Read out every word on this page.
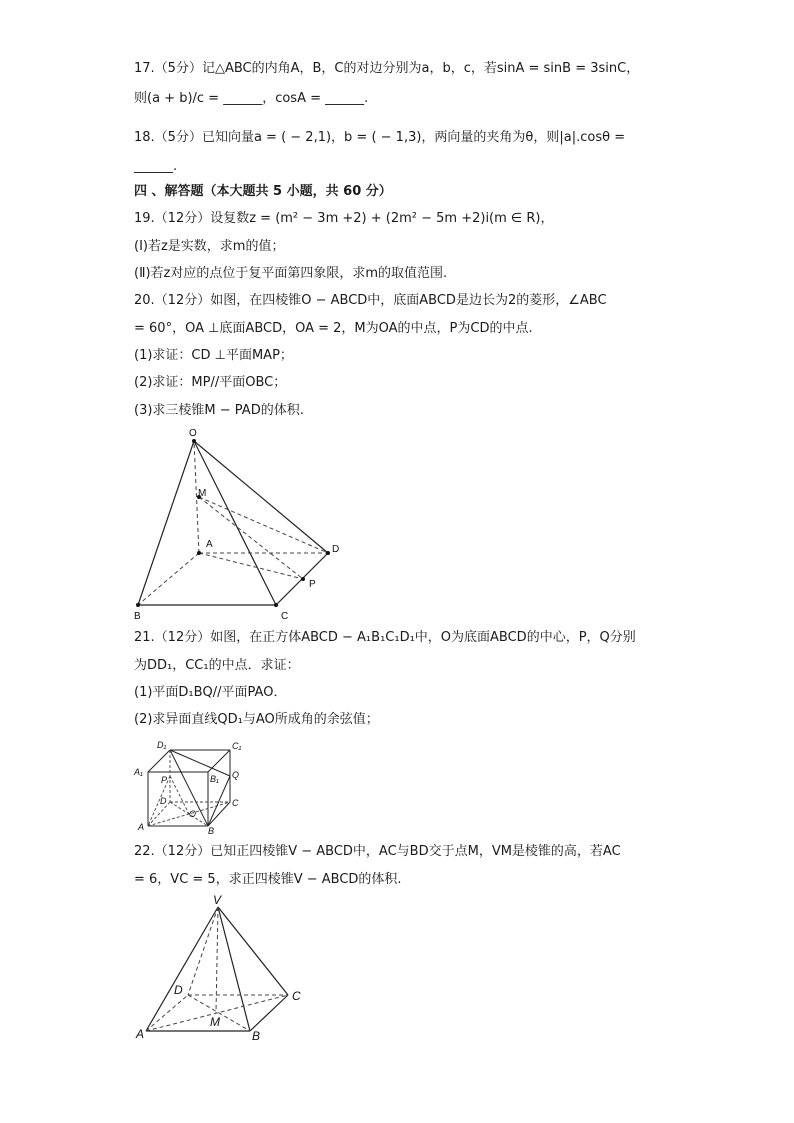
17.（5分）记△ABC的内角A，B，C的对边分别为a，b，c，若sinA = sinB = 3sinC，
则(a + b)/c = ______，cosA = ______.
18.（5分）已知向量a = ( − 2,1)，b = ( − 1,3)，两向量的夹角为θ，则|a|.cosθ =
______.
四 、解答题（本大题共 5 小题，共 60 分）
19.（12分）设复数z = (m² − 3m +2) + (2m² − 5m +2)i(m ∈ R)，
(Ⅰ)若z是实数，求m的值；
(Ⅱ)若z对应的点位于复平面第四象限，求m的取值范围.
20.（12分）如图，在四棱锥O − ABCD中，底面ABCD是边长为2的菱形，∠ABC
= 60°，OA ⊥底面ABCD，OA = 2，M为OA的中点，P为CD的中点.
(1)求证：CD ⊥平面MAP；
(2)求证：MP//平面OBC；
(3)求三棱锥M − PAD的体积.
O
M
A	D
P
B	C
21.（12分）如图，在正方体ABCD − A₁B₁C₁D₁中，O为底面ABCD的中心，P，Q分别
为DD₁，CC₁的中点．求证：
(1)平面D₁BQ//平面PAO．
(2)求异面直线QD₁与AO所成角的余弦值；
D₁	C₁
A₁
B₁
P	Q
D	C
O
A	B
22.（12分）已知正四棱锥V − ABCD中，AC与BD交于点M，VM是棱锥的高，若AC
= 6，VC = 5，求正四棱锥V − ABCD的体积.
V
D	C
M
A	B
